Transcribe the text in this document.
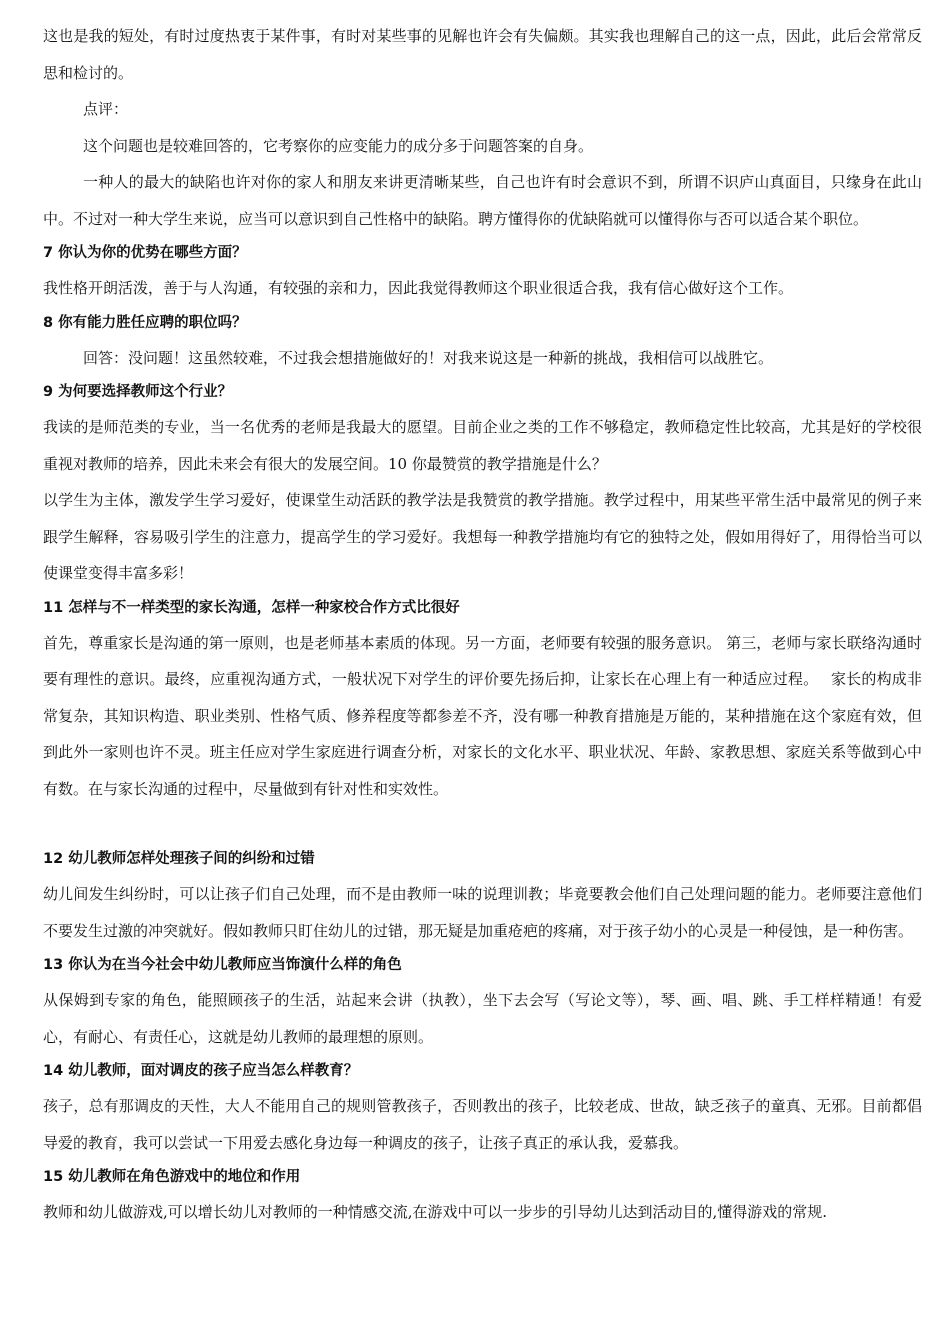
这也是我的短处，有时过度热衷于某件事，有时对某些事的见解也许会有失偏颇。其实我也理解自己的这一点，因此，此后会常常反思和检讨的。

点评：

这个问题也是较难回答的，它考察你的应变能力的成分多于问题答案的自身。

一种人的最大的缺陷也许对你的家人和朋友来讲更清晰某些，自己也许有时会意识不到，所谓不识庐山真面目，只缘身在此山中。不过对一种大学生来说，应当可以意识到自己性格中的缺陷。聘方懂得你的优缺陷就可以懂得你与否可以适合某个职位。

7 你认为你的优势在哪些方面？

我性格开朗活泼，善于与人沟通，有较强的亲和力，因此我觉得教师这个职业很适合我，我有信心做好这个工作。

8 你有能力胜任应聘的职位吗？

回答：没问题！这虽然较难，不过我会想措施做好的！对我来说这是一种新的挑战，我相信可以战胜它。

9 为何要选择教师这个行业？

我读的是师范类的专业，当一名优秀的老师是我最大的愿望。目前企业之类的工作不够稳定，教师稳定性比较高，尤其是好的学校很重视对教师的培养，因此未来会有很大的发展空间。10 你最赞赏的教学措施是什么？

以学生为主体，激发学生学习爱好，使课堂生动活跃的教学法是我赞赏的教学措施。教学过程中，用某些平常生活中最常见的例子来跟学生解释，容易吸引学生的注意力，提高学生的学习爱好。我想每一种教学措施均有它的独特之处，假如用得好了，用得恰当可以使课堂变得丰富多彩！

11 怎样与不一样类型的家长沟通，怎样一种家校合作方式比很好

首先，尊重家长是沟通的第一原则，也是老师基本素质的体现。另一方面，老师要有较强的服务意识。 第三，老师与家长联络沟通时要有理性的意识。最终，应重视沟通方式，一般状况下对学生的评价要先扬后抑，让家长在心理上有一种适应过程。　 家长的构成非常复杂，其知识构造、职业类别、性格气质、修养程度等都参差不齐，没有哪一种教育措施是万能的，某种措施在这个家庭有效，但到此外一家则也许不灵。班主任应对学生家庭进行调查分析，对家长的文化水平、职业状况、年龄、家教思想、家庭关系等做到心中有数。在与家长沟通的过程中，尽量做到有针对性和实效性。

12 幼儿教师怎样处理孩子间的纠纷和过错

幼儿间发生纠纷时，可以让孩子们自己处理，而不是由教师一味的说理训教；毕竟要教会他们自己处理问题的能力。老师要注意他们不要发生过激的冲突就好。假如教师只盯住幼儿的过错，那无疑是加重疮疤的疼痛，对于孩子幼小的心灵是一种侵蚀，是一种伤害。

13 你认为在当今社会中幼儿教师应当饰演什么样的角色

从保姆到专家的角色，能照顾孩子的生活，站起来会讲（执教），坐下去会写（写论文等），琴、画、唱、跳、手工样样精通！有爱心，有耐心、有责任心，这就是幼儿教师的最理想的原则。

14 幼儿教师，面对调皮的孩子应当怎么样教育？

孩子，总有那调皮的天性，大人不能用自己的规则管教孩子，否则教出的孩子，比较老成、世故，缺乏孩子的童真、无邪。目前都倡导爱的教育，我可以尝试一下用爱去感化身边每一种调皮的孩子，让孩子真正的承认我，爱慕我。

15 幼儿教师在角色游戏中的地位和作用

教师和幼儿做游戏,可以增长幼儿对教师的一种情感交流,在游戏中可以一步步的引导幼儿达到活动目的,懂得游戏的常规.
